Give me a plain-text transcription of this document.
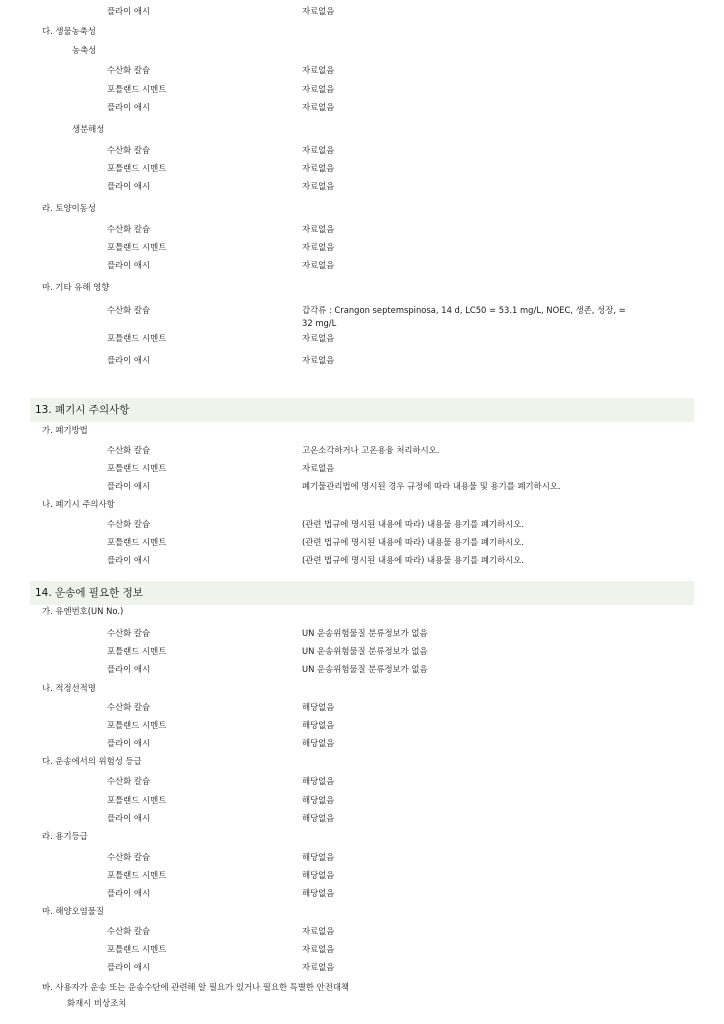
플라이 애시	자료없음
다. 생물농축성
농축성
수산화 칼슘	자료없음
포틀랜드 시멘트	자료없음
플라이 애시	자료없음
생분해성
수산화 칼슘	자료없음
포틀랜드 시멘트	자료없음
플라이 애시	자료없음
라. 토양이동성
수산화 칼슘	자료없음
포틀랜드 시멘트	자료없음
플라이 애시	자료없음
마. 기타 유해 영향
수산화 칼슘	갑각류 : Crangon septemspinosa, 14 d, LC50 = 53.1 mg/L, NOEC, 생존, 성장, =
32 mg/L
포틀랜드 시멘트	자료없음
플라이 애시	자료없음
13. 폐기시 주의사항
가. 폐기방법
수산화 칼슘	고온소각하거나 고온용융 처리하시오.
포틀랜드 시멘트	자료없음
플라이 애시	폐기물관리법에 명시된 경우 규정에 따라 내용물 및 용기를 폐기하시오.
나. 폐기시 주의사항
수산화 칼슘	(관련 법규에 명시된 내용에 따라) 내용물 용기를 폐기하시오.
포틀랜드 시멘트	(관련 법규에 명시된 내용에 따라) 내용물 용기를 폐기하시오.
플라이 애시	(관련 법규에 명시된 내용에 따라) 내용물 용기를 폐기하시오.
14. 운송에 필요한 정보
가. 유엔번호(UN No.)
수산화 칼슘	UN 운송위험물질 분류정보가 없음
포틀랜드 시멘트	UN 운송위험물질 분류정보가 없음
플라이 애시	UN 운송위험물질 분류정보가 없음
나. 적정선적명
수산화 칼슘	해당없음
포틀랜드 시멘트	해당없음
플라이 애시	해당없음
다. 운송에서의 위험성 등급
수산화 칼슘	해당없음
포틀랜드 시멘트	해당없음
플라이 애시	해당없음
라. 용기등급
수산화 칼슘	해당없음
포틀랜드 시멘트	해당없음
플라이 애시	해당없음
마. 해양오염물질
수산화 칼슘	자료없음
포틀랜드 시멘트	자료없음
플라이 애시	자료없음
바. 사용자가 운송 또는 운송수단에 관련해 알 필요가 있거나 필요한 특별한 안전대책
화재시 비상조치
